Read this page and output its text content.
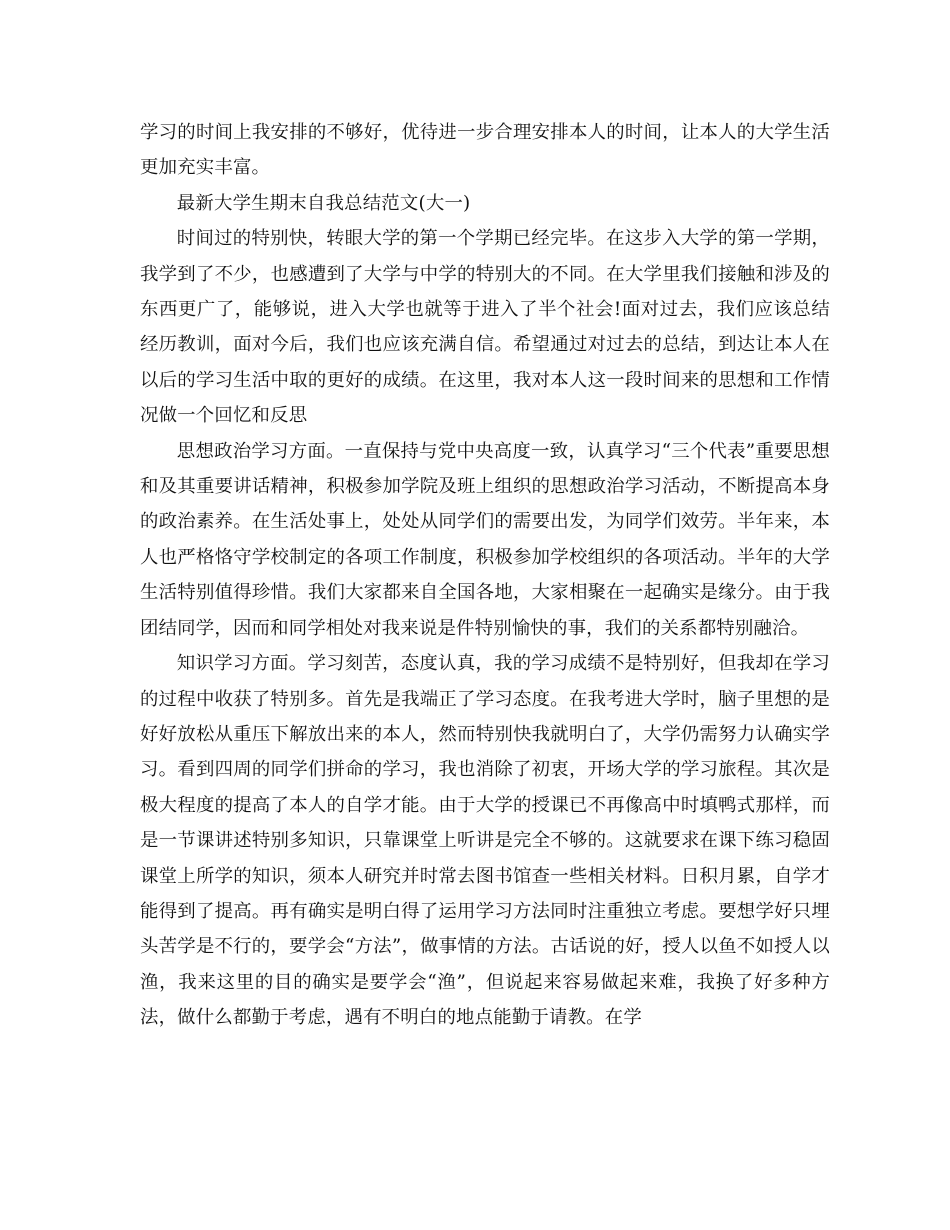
学习的时间上我安排的不够好，优待进一步合理安排本人的时间，让本人的大学生活更加充实丰富。

最新大学生期末自我总结范文(大一)

时间过的特别快，转眼大学的第一个学期已经完毕。在这步入大学的第一学期，我学到了不少，也感遭到了大学与中学的特别大的不同。在大学里我们接触和涉及的东西更广了，能够说，进入大学也就等于进入了半个社会!面对过去，我们应该总结经历教训，面对今后，我们也应该充满自信。希望通过对过去的总结，到达让本人在以后的学习生活中取的更好的成绩。在这里，我对本人这一段时间来的思想和工作情况做一个回忆和反思

思想政治学习方面。一直保持与党中央高度一致，认真学习“三个代表”重要思想和及其重要讲话精神，积极参加学院及班上组织的思想政治学习活动，不断提高本身的政治素养。在生活处事上，处处从同学们的需要出发，为同学们效劳。半年来，本人也严格恪守学校制定的各项工作制度，积极参加学校组织的各项活动。半年的大学生活特别值得珍惜。我们大家都来自全国各地，大家相聚在一起确实是缘分。由于我团结同学，因而和同学相处对我来说是件特别愉快的事，我们的关系都特别融洽。

知识学习方面。学习刻苦，态度认真，我的学习成绩不是特别好，但我却在学习的过程中收获了特别多。首先是我端正了学习态度。在我考进大学时，脑子里想的是好好放松从重压下解放出来的本人，然而特别快我就明白了，大学仍需努力认确实学习。看到四周的同学们拼命的学习，我也消除了初衷，开场大学的学习旅程。其次是极大程度的提高了本人的自学才能。由于大学的授课已不再像高中时填鸭式那样，而是一节课讲述特别多知识，只靠课堂上听讲是完全不够的。这就要求在课下练习稳固课堂上所学的知识，须本人研究并时常去图书馆查一些相关材料。日积月累，自学才能得到了提高。再有确实是明白得了运用学习方法同时注重独立考虑。要想学好只埋头苦学是不行的，要学会“方法”，做事情的方法。古话说的好，授人以鱼不如授人以渔，我来这里的目的确实是要学会“渔”，但说起来容易做起来难，我换了好多种方法，做什么都勤于考虑，遇有不明白的地点能勤于请教。在学
